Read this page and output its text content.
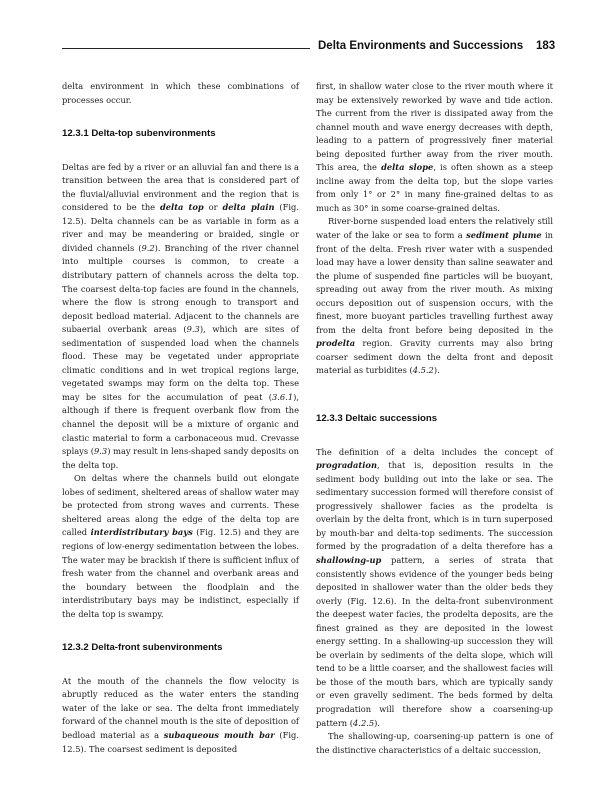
Delta Environments and Successions 183

delta environment in which these combinations of processes occur.

12.3.1 Delta-top subenvironments

Deltas are fed by a river or an alluvial fan and there is a transition between the area that is considered part of the fluvial/alluvial environment and the region that is considered to be the delta top or delta plain (Fig. 12.5). Delta channels can be as variable in form as a river and may be meandering or braided, single or divided channels (9.2). Branching of the river channel into multiple courses is common, to create a distributary pattern of channels across the delta top. The coarsest delta-top facies are found in the channels, where the flow is strong enough to transport and deposit bedload material. Adjacent to the channels are subaerial overbank areas (9.3), which are sites of sedimentation of suspended load when the channels flood. These may be vegetated under appropriate climatic conditions and in wet tropical regions large, vegetated swamps may form on the delta top. These may be sites for the accumulation of peat (3.6.1), although if there is frequent overbank flow from the channel the deposit will be a mixture of organic and clastic material to form a carbonaceous mud. Crevasse splays (9.3) may result in lens-shaped sandy deposits on the delta top.

On deltas where the channels build out elongate lobes of sediment, sheltered areas of shallow water may be protected from strong waves and currents. These sheltered areas along the edge of the delta top are called interdistributary bays (Fig. 12.5) and they are regions of low-energy sedimentation between the lobes. The water may be brackish if there is sufficient influx of fresh water from the channel and overbank areas and the boundary between the floodplain and the interdistributary bays may be indistinct, especially if the delta top is swampy.

12.3.2 Delta-front subenvironments

At the mouth of the channels the flow velocity is abruptly reduced as the water enters the standing water of the lake or sea. The delta front immediately forward of the channel mouth is the site of deposition of bedload material as a subaqueous mouth bar (Fig. 12.5). The coarsest sediment is deposited

first, in shallow water close to the river mouth where it may be extensively reworked by wave and tide action. The current from the river is dissipated away from the channel mouth and wave energy decreases with depth, leading to a pattern of progressively finer material being deposited further away from the river mouth. This area, the delta slope, is often shown as a steep incline away from the delta top, but the slope varies from only 1° or 2° in many fine-grained deltas to as much as 30° in some coarse-grained deltas.

River-borne suspended load enters the relatively still water of the lake or sea to form a sediment plume in front of the delta. Fresh river water with a suspended load may have a lower density than saline seawater and the plume of suspended fine particles will be buoyant, spreading out away from the river mouth. As mixing occurs deposition out of suspension occurs, with the finest, more buoyant particles travelling furthest away from the delta front before being deposited in the prodelta region. Gravity currents may also bring coarser sediment down the delta front and deposit material as turbidites (4.5.2).

12.3.3 Deltaic successions

The definition of a delta includes the concept of progradation, that is, deposition results in the sediment body building out into the lake or sea. The sedimentary succession formed will therefore consist of progressively shallower facies as the prodelta is overlain by the delta front, which is in turn superposed by mouth-bar and delta-top sediments. The succession formed by the progradation of a delta therefore has a shallowing-up pattern, a series of strata that consistently shows evidence of the younger beds being deposited in shallower water than the older beds they overly (Fig. 12.6). In the delta-front subenvironment the deepest water facies, the prodelta deposits, are the finest grained as they are deposited in the lowest energy setting. In a shallowing-up succession they will be overlain by sediments of the delta slope, which will tend to be a little coarser, and the shallowest facies will be those of the mouth bars, which are typically sandy or even gravelly sediment. The beds formed by delta progradation will therefore show a coarsening-up pattern (4.2.5).

The shallowing-up, coarsening-up pattern is one of the distinctive characteristics of a deltaic succession,
